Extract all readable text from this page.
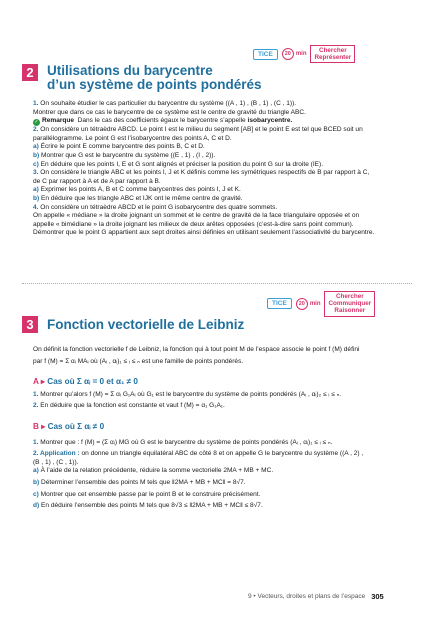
TICE	20 min
Chercher
Représenter
2 Utilisations du barycentre
d’un système de points pondérés

1. On souhaite étudier le cas particulier du barycentre du système ((A , 1) , (B , 1) , (C , 1)).

Montrer que dans ce cas le barycentre de ce système est le centre de gravité du triangle ABC.

✓ Remarque Dans le cas des coefficients égaux le barycentre s’appelle isobarycentre.

2. On considère un tétraèdre ABCD. Le point I est le milieu du segment [AB] et le point E est tel que BCED soit un

parallélogramme. Le point G est l’isobarycentre des points A, C et D.

a) Écrire le point E comme barycentre des points B, C et D.

b) Montrer que G est le barycentre du système ((E , 1) , (I , 2)).

c) En déduire que les points I, E et G sont alignés et préciser la position du point G sur la droite (IE).

3. On considère le triangle ABC et les points I, J et K définis comme les symétriques respectifs de B par rapport à C,

de C par rapport à A et de A par rapport à B.

a) Exprimer les points A, B et C comme barycentres des points I, J et K.

b) En déduire que les triangle ABC et IJK ont le même centre de gravité.

4. On considère un tétraèdre ABCD et le point G isobarycentre des quatre sommets.

On appelle « médiane » la droite joignant un sommet et le centre de gravité de la face triangulaire opposée et on

appelle « bimédiane » la droite joignant les milieux de deux arêtes opposées (c’est-à-dire sans point commun).

Démontrer que le point G appartient aux sept droites ainsi définies en utilisant seulement l’associativité du barycentre.

TICE	20 min
Chercher
Communiquer
Raisonner
3 Fonction vectorielle de Leibniz

On définit la fonction vectorielle f de Leibniz, la fonction qui à tout point M de l’espace associe le point f (M) défini

par f (M) = Σ αᵢ MAᵢ où (Aᵢ , αᵢ)₁ ≤ ᵢ ≤ ₙ est une famille de points pondérés.

A ▸ Cas où Σ αᵢ = 0 et α₁ ≠ 0

1. Montrer qu’alors f (M) = Σ αᵢ G₁Aᵢ où G₁ est le barycentre du système de points pondérés (Aᵢ , αᵢ)₂ ≤ ᵢ ≤ ₙ.

2. En déduire que la fonction est constante et vaut f (M) = α₁ G₁A₁.

B ▸ Cas où Σ αᵢ ≠ 0

1. Montrer que : f (M) = (Σ αᵢ) MG où G est le barycentre du système de points pondérés (Aᵢ , αᵢ)₁ ≤ ᵢ ≤ ₙ.

2. Application : on donne un triangle équilatéral ABC de côté 8 et on appelle G le barycentre du système ((A , 2) ,

(B , 1) , (C , 1)).

a) À l’aide de la relation précédente, réduire la somme vectorielle 2MA + MB + MC.

b) Déterminer l’ensemble des points M tels que ‖2MA + MB + MC‖ = 8√7.

c) Montrer que cet ensemble passe par le point B et le construire précisément.

d) En déduire l’ensemble des points M tels que 8√3 ≤ ‖2MA + MB + MC‖ ≤ 8√7.

9 • Vecteurs, droites et plans de l’espace 305
